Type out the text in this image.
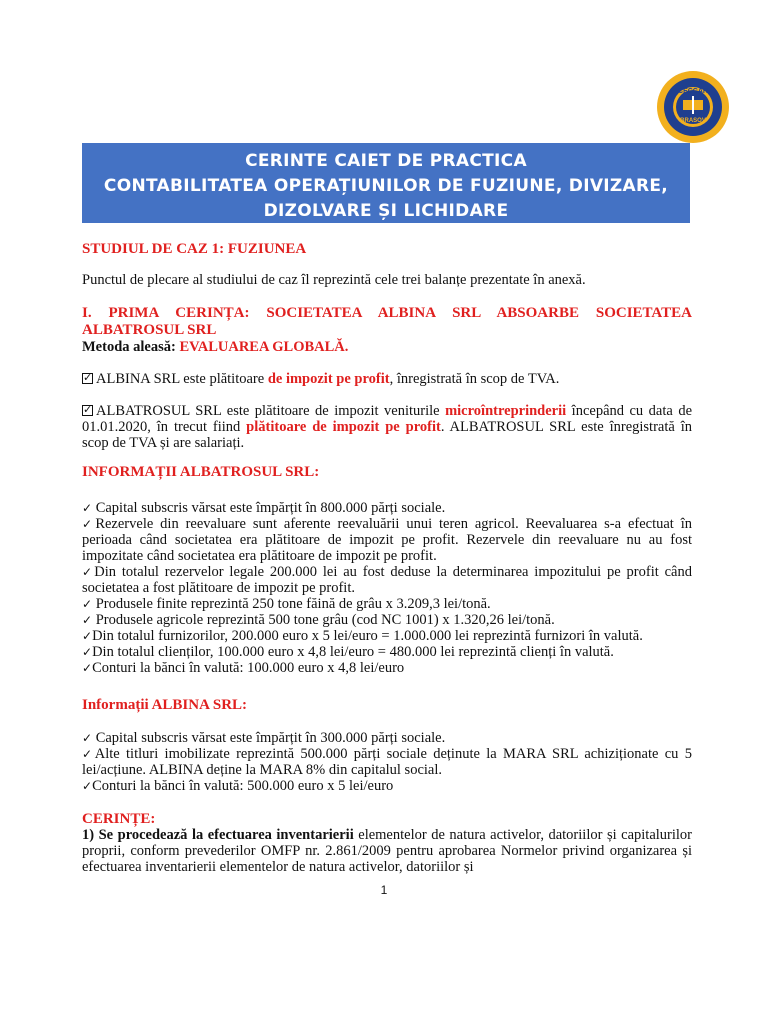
BRASOV
CECCAR
CERINTE CAIET DE PRACTICA
CONTABILITATEA OPERAȚIUNILOR DE FUZIUNE, DIVIZARE,
DIZOLVARE ȘI LICHIDARE
STUDIUL DE CAZ 1: FUZIUNEA
Punctul de plecare al studiului de caz îl reprezintă cele trei balanțe prezentate în anexă.
I. PRIMA CERINȚA: SOCIETATEA ALBINA SRL ABSOARBE SOCIETATEA
ALBATROSUL SRL
Metoda aleasă: EVALUAREA GLOBALĂ.
✓ALBINA SRL este plătitoare de impozit pe profit, înregistrată în scop de TVA.
✓ALBATROSUL SRL este plătitoare de impozit veniturile microîntreprinderii începând cu data de 01.01.2020, în trecut fiind plătitoare de impozit pe profit. ALBATROSUL SRL este înregistrată în scop de TVA și are salariați.
INFORMAȚII ALBATROSUL SRL:
✓ Capital subscris vărsat este împărțit în 800.000 părți sociale.
✓Rezervele din reevaluare sunt aferente reevaluării unui teren agricol. Reevaluarea s-a efectuat în perioada când societatea era plătitoare de impozit pe profit. Rezervele din reevaluare nu au fost impozitate când societatea era plătitoare de impozit pe profit.
✓Din totalul rezervelor legale 200.000 lei au fost deduse la determinarea impozitului pe profit când societatea a fost plătitoare de impozit pe profit.
✓ Produsele finite reprezintă 250 tone făină de grâu x 3.209,3 lei/tonă.
✓ Produsele agricole reprezintă 500 tone grâu (cod NC 1001) x 1.320,26 lei/tonă.
✓Din totalul furnizorilor, 200.000 euro x 5 lei/euro = 1.000.000 lei reprezintă furnizori în valută.
✓Din totalul clienților, 100.000 euro x 4,8 lei/euro = 480.000 lei reprezintă clienți în valută.
✓Conturi la bănci în valută: 100.000 euro x 4,8 lei/euro
Informații ALBINA SRL:
✓ Capital subscris vărsat este împărțit în 300.000 părți sociale.
✓Alte titluri imobilizate reprezintă 500.000 părți sociale deținute la MARA SRL achiziționate cu 5 lei/acțiune. ALBINA deține la MARA 8% din capitalul social.
✓Conturi la bănci în valută: 500.000 euro x 5 lei/euro
CERINȚE:
1) Se procedează la efectuarea inventarierii elementelor de natura activelor, datoriilor și capitalurilor proprii, conform prevederilor OMFP nr. 2.861/2009 pentru aprobarea Normelor privind organizarea și efectuarea inventarierii elementelor de natura activelor, datoriilor și
1
